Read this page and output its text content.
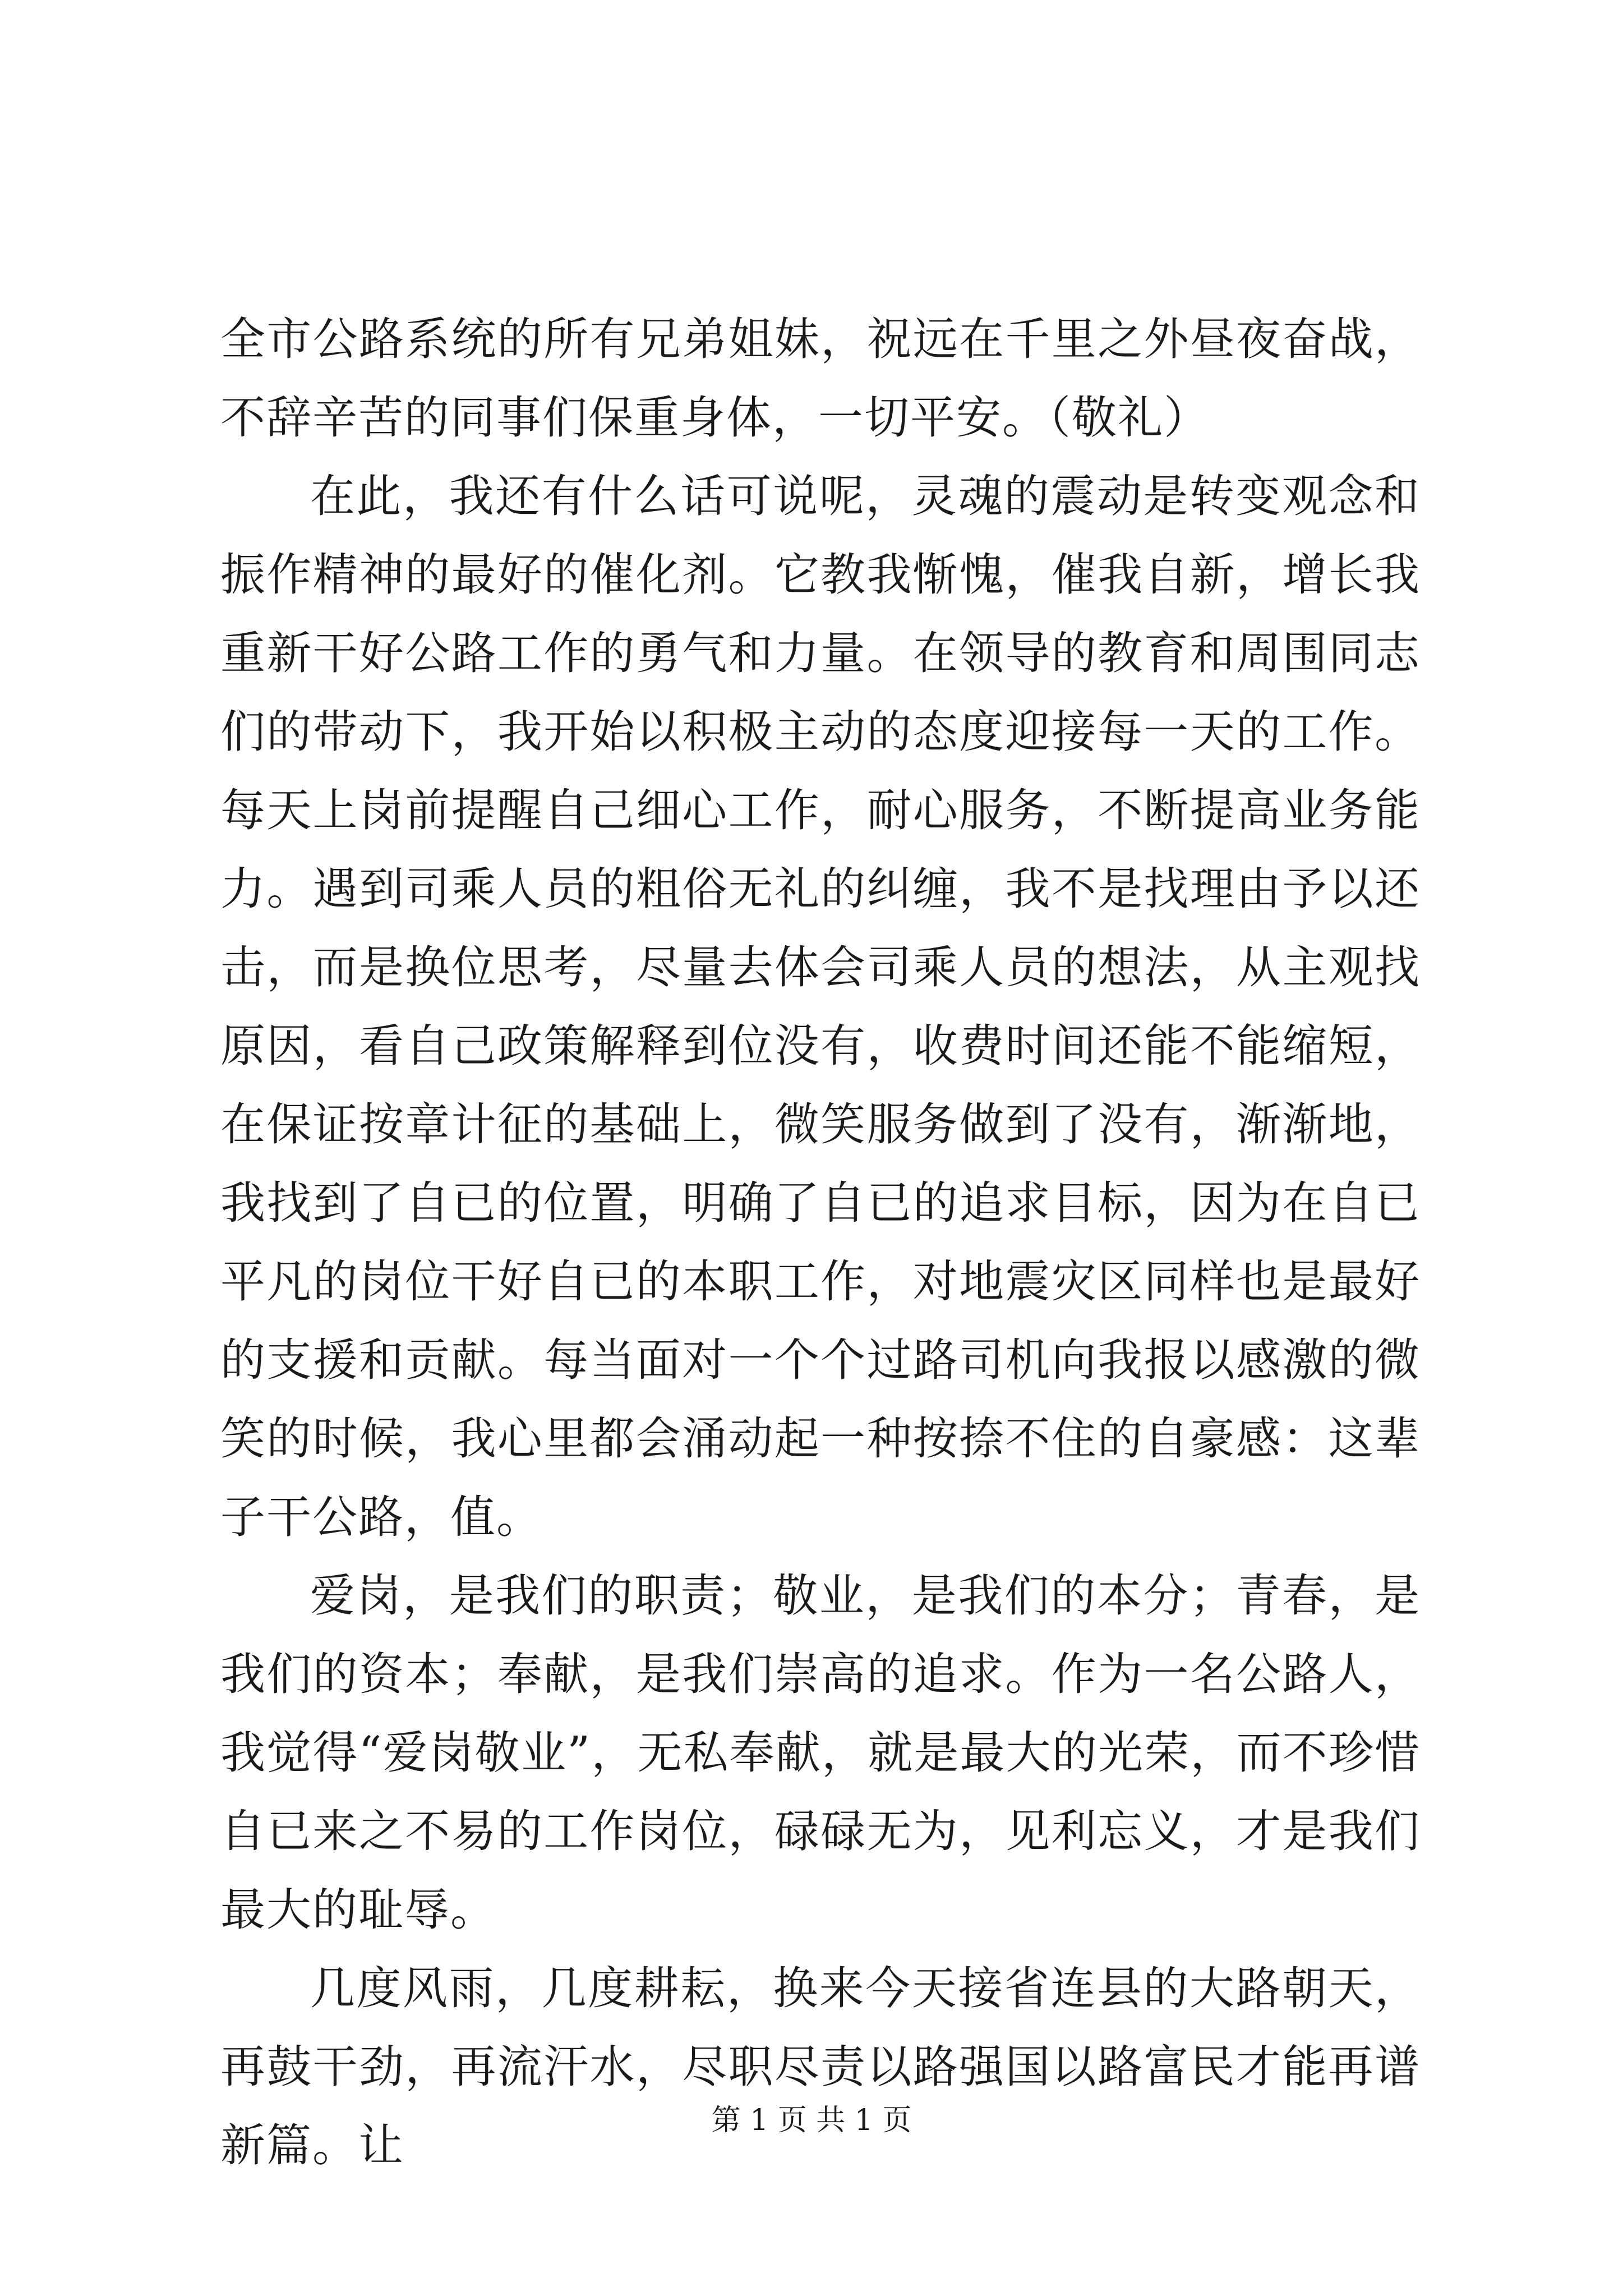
全市公路系统的所有兄弟姐妹，祝远在千里之外昼夜奋战，不辞辛苦的同事们保重身体，一切平安。（敬礼）

在此，我还有什么话可说呢，灵魂的震动是转变观念和振作精神的最好的催化剂。它教我惭愧，催我自新，增长我重新干好公路工作的勇气和力量。在领导的教育和周围同志们的带动下，我开始以积极主动的态度迎接每一天的工作。每天上岗前提醒自己细心工作，耐心服务，不断提高业务能力。遇到司乘人员的粗俗无礼的纠缠，我不是找理由予以还击，而是换位思考，尽量去体会司乘人员的想法，从主观找原因，看自己政策解释到位没有，收费时间还能不能缩短，在保证按章计征的基础上，微笑服务做到了没有，渐渐地，我找到了自已的位置，明确了自已的追求目标，因为在自已平凡的岗位干好自已的本职工作，对地震灾区同样也是最好的支援和贡献。每当面对一个个过路司机向我报以感激的微笑的时候，我心里都会涌动起一种按捺不住的自豪感：这辈子干公路，值。

爱岗，是我们的职责；敬业，是我们的本分；青春，是我们的资本；奉献，是我们崇高的追求。作为一名公路人，我觉得“爱岗敬业”，无私奉献，就是最大的光荣，而不珍惜自已来之不易的工作岗位，碌碌无为，见利忘义，才是我们最大的耻辱。

几度风雨，几度耕耘，换来今天接省连县的大路朝天，再鼓干劲，再流汗水，尽职尽责以路强国以路富民才能再谱新篇。让	第 1 页 共 1 页
